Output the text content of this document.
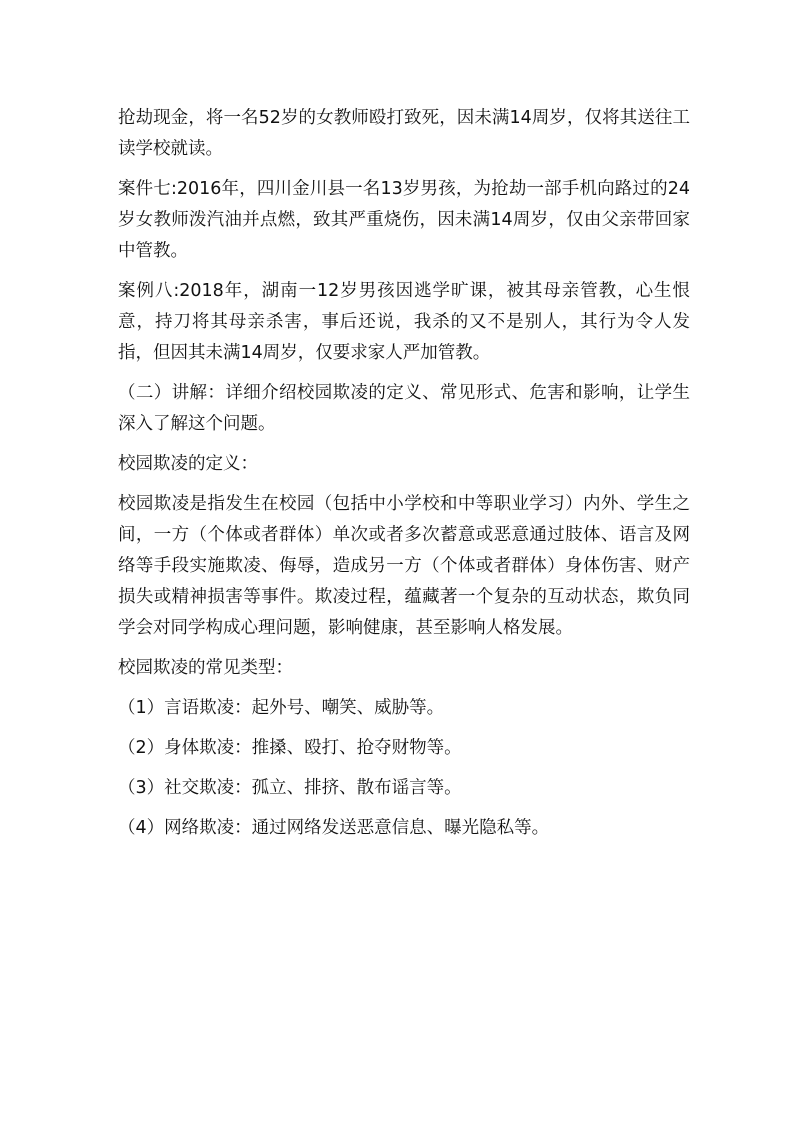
抢劫现金，将一名52岁的女教师殴打致死，因未满14周岁，仅将其送往工读学校就读。

案件七:2016年，四川金川县一名13岁男孩，为抢劫一部手机向路过的24岁女教师泼汽油并点燃，致其严重烧伤，因未满14周岁，仅由父亲带回家中管教。

案例八:2018年，湖南一12岁男孩因逃学旷课，被其母亲管教，心生恨意，持刀将其母亲杀害，事后还说，我杀的又不是别人，其行为令人发指，但因其未满14周岁，仅要求家人严加管教。

（二）讲解：详细介绍校园欺凌的定义、常见形式、危害和影响，让学生深入了解这个问题。

校园欺凌的定义：

校园欺凌是指发生在校园（包括中小学校和中等职业学习）内外、学生之间，一方（个体或者群体）单次或者多次蓄意或恶意通过肢体、语言及网络等手段实施欺凌、侮辱，造成另一方（个体或者群体）身体伤害、财产损失或精神损害等事件。欺凌过程，蕴藏著一个复杂的互动状态，欺负同学会对同学构成心理问题，影响健康，甚至影响人格发展。

校园欺凌的常见类型：

（1）言语欺凌：起外号、嘲笑、威胁等。

（2）身体欺凌：推搡、殴打、抢夺财物等。

（3）社交欺凌：孤立、排挤、散布谣言等。

（4）网络欺凌：通过网络发送恶意信息、曝光隐私等。
